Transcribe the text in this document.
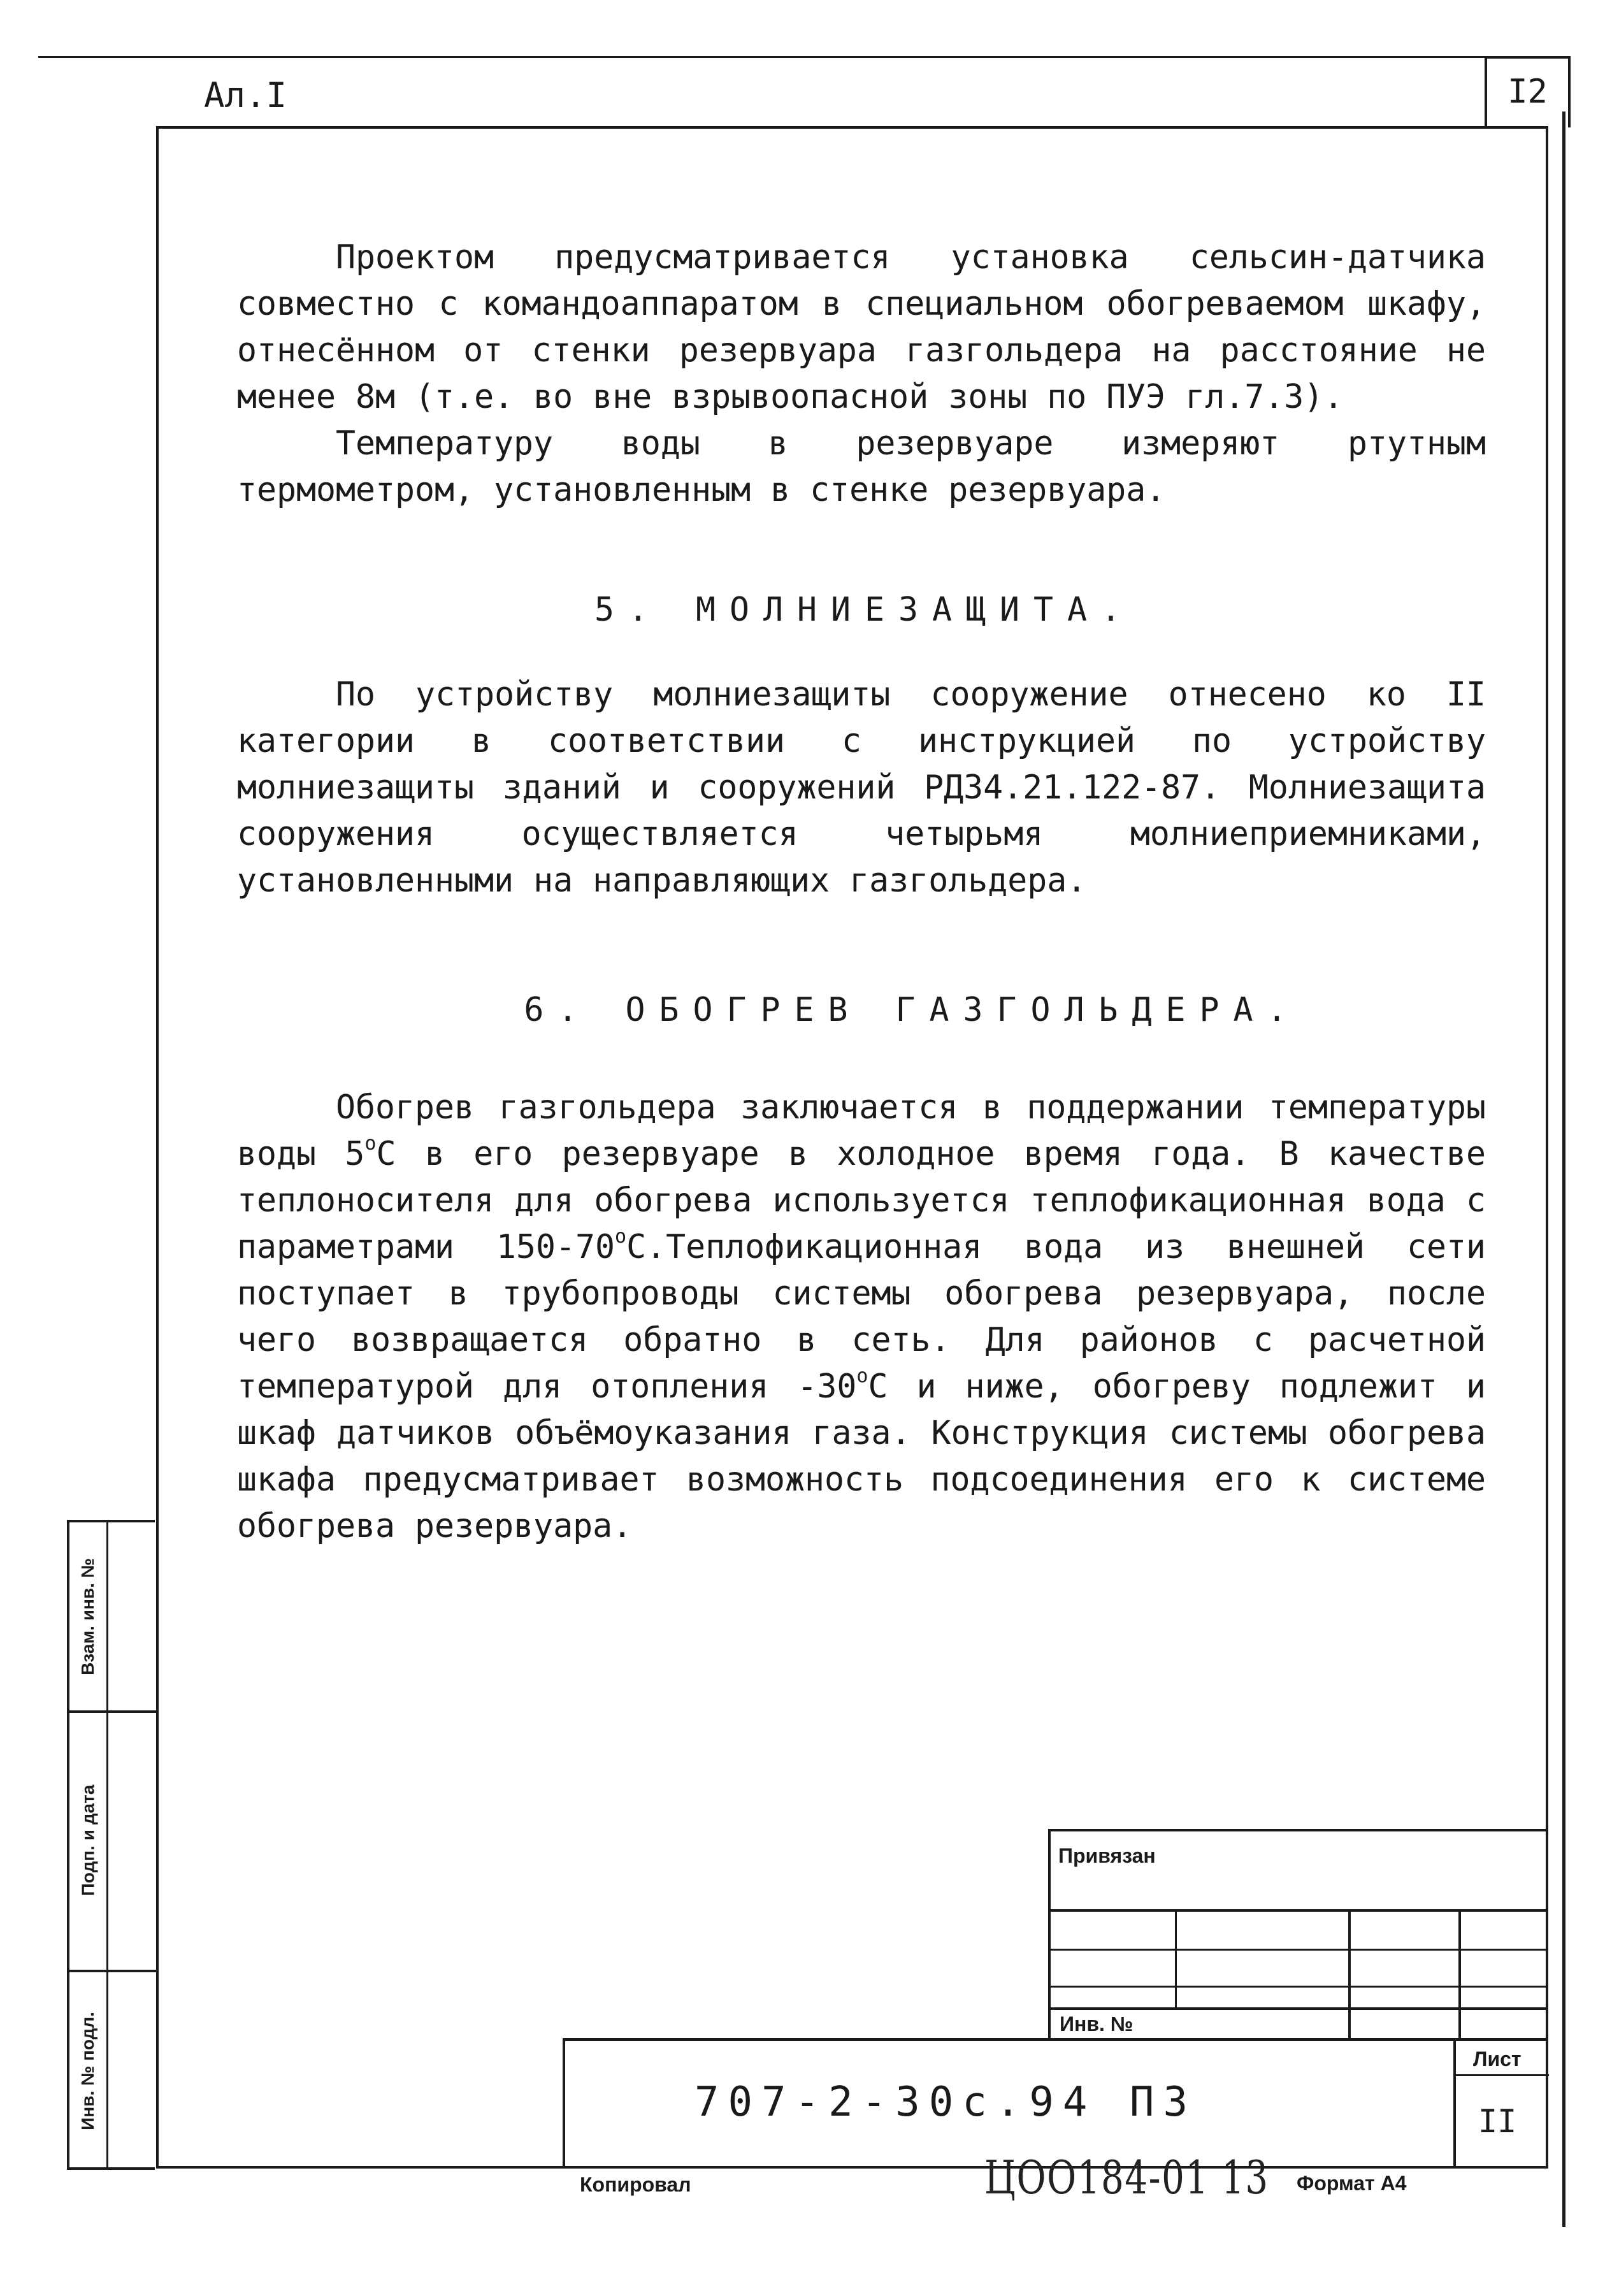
Ал.I	I2

Проектом предусматривается установка сельсин-датчика совместно с командоаппаратом в специальном обогреваемом шкафу, отнесённом от стенки резервуара газгольдера на расстояние не менее 8м (т.е. во вне взрывоопасной зоны по ПУЭ гл.7.3).

Температуру воды в резервуаре измеряют ртутным термометром, установленным в стенке резервуара.

5. МОЛНИЕЗАЩИТА.

По устройству молниезащиты сооружение отнесено ко II категории в соответствии с инструкцией по устройству молниезащиты зданий и сооружений РД34.21.122-87. Молниезащита сооружения осуществляется четырьмя молниеприемниками, установленными на направляющих газгольдера.

6. ОБОГРЕВ ГАЗГОЛЬДЕРА.

Обогрев газгольдера заключается в поддержании температуры воды $5^оС$ в его резервуаре в холодное время года. В качестве теплоносителя для обогрева используется теплофикационная вода с параметрами $150-70^оС.Теплофикационная$ вода из внешней сети поступает в трубопроводы системы обогрева резервуара, после чего возвращается обратно в сеть. Для районов с расчетной температурой для отопления $-30^оС$ и ниже, обогреву подлежит и шкаф датчиков объёмоуказания газа. Конструкция системы обогрева шкафа предусматривает возможность подсоединения его к системе обогрева резервуара.

Взам. инв. №
Подп. и дата
Инв. № подл.
Привязан
Инв. №
Лист
707-2-30с.94 ПЗ	II
Копировал	ЦОО184-01 13 Формат А4
